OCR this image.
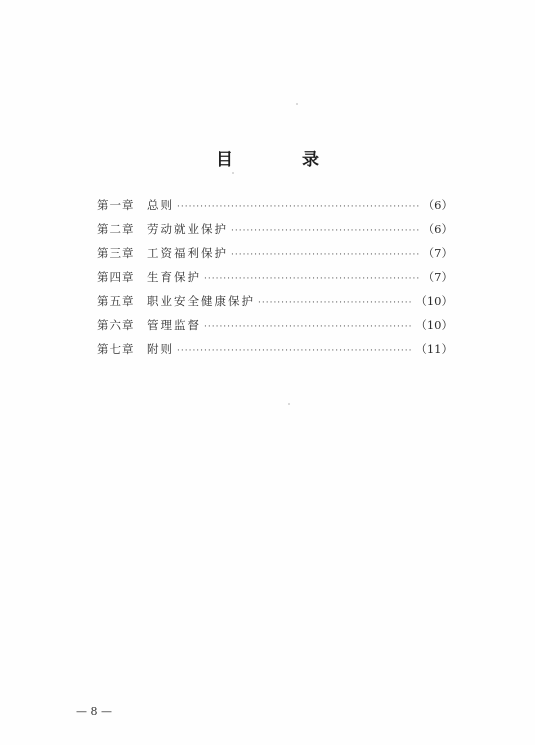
目　录
第一章	总则 ·····	（6）
第二章	劳动就业保护 ·····	（6）
第三章	工资福利保护 ·····	（7）
第四章	生育保护 ·····	（7）
第五章	职业安全健康保护 ·····	（10）
第六章	管理监督 ·····	（10）
第七章	附则 ·····	（11）
— 8 —
